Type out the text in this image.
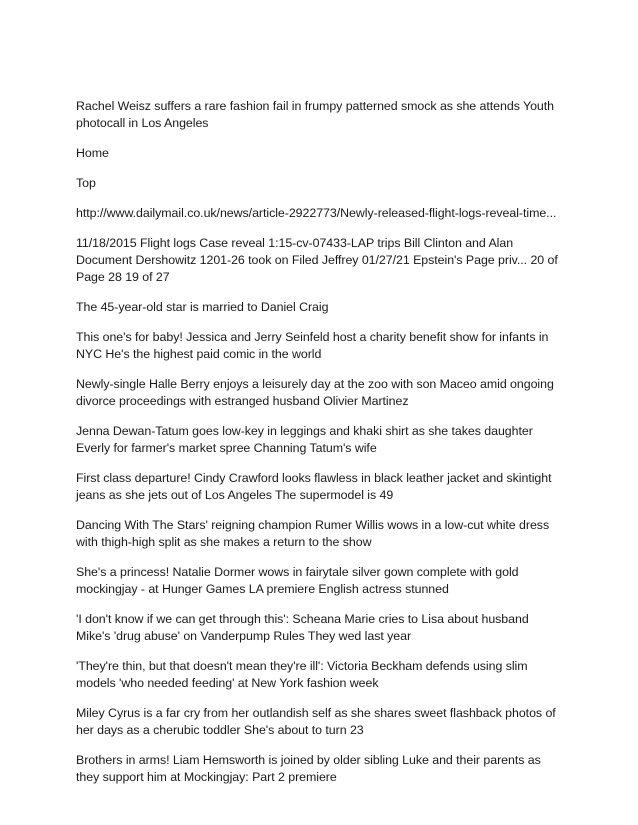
Rachel Weisz suffers a rare fashion fail in frumpy patterned smock as she attends Youth photocall in Los Angeles

Home

Top

http://www.dailymail.co.uk/news/article-2922773/Newly-released-flight-logs-reveal-time...

11/18/2015 Flight logs Case reveal 1:15-cv-07433-LAP trips Bill Clinton and Alan Document Dershowitz 1201-26 took on Filed Jeffrey 01/27/21 Epstein's Page priv... 20 of Page 28 19 of 27

The 45-year-old star is married to Daniel Craig

This one's for baby! Jessica and Jerry Seinfeld host a charity benefit show for infants in NYC He's the highest paid comic in the world

Newly-single Halle Berry enjoys a leisurely day at the zoo with son Maceo amid ongoing divorce proceedings with estranged husband Olivier Martinez

Jenna Dewan-Tatum goes low-key in leggings and khaki shirt as she takes daughter Everly for farmer's market spree Channing Tatum's wife

First class departure! Cindy Crawford looks flawless in black leather jacket and skintight jeans as she jets out of Los Angeles The supermodel is 49

Dancing With The Stars' reigning champion Rumer Willis wows in a low-cut white dress with thigh-high split as she makes a return to the show

She's a princess! Natalie Dormer wows in fairytale silver gown complete with gold mockingjay - at Hunger Games LA premiere English actress stunned

'I don't know if we can get through this': Scheana Marie cries to Lisa about husband Mike's 'drug abuse' on Vanderpump Rules They wed last year

'They're thin, but that doesn't mean they're ill': Victoria Beckham defends using slim models 'who needed feeding' at New York fashion week

Miley Cyrus is a far cry from her outlandish self as she shares sweet flashback photos of her days as a cherubic toddler She's about to turn 23

Brothers in arms! Liam Hemsworth is joined by older sibling Luke and their parents as they support him at Mockingjay: Part 2 premiere
